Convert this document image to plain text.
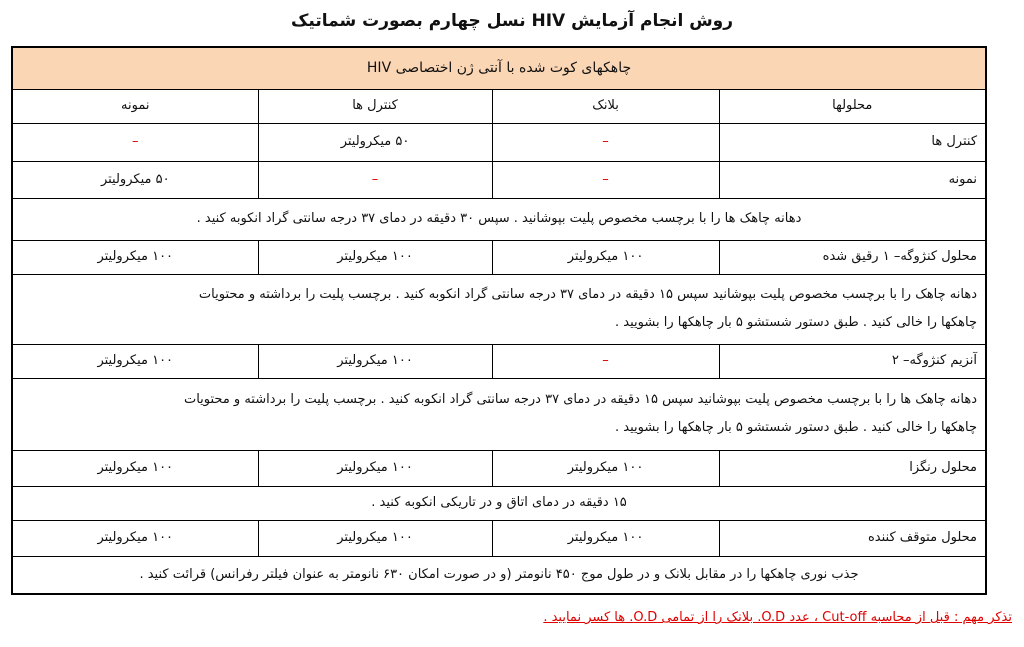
روش انجام آزمایش HIV نسل چهارم بصورت شماتیک
چاهکهای کوت شده با آنتی ژن اختصاصی HIV			
محلولها	بلانک	کنترل ها	نمونه
کنترل ها	–	۵۰ میکرولیتر	–
نمونه	–	–	۵۰ میکرولیتر
دهانه چاهک ها را با برچسب مخصوص پلیت بپوشانید . سپس ۳۰ دقیقه در دمای ۳۷ درجه سانتی گراد انکوبه کنید .			
محلول کنژوگه– ۱ رقیق شده	۱۰۰ میکرولیتر	۱۰۰ میکرولیتر	۱۰۰ میکرولیتر

دهانه چاهک را با برچسب مخصوص پلیت بپوشانید سپس ۱۵ دقیقه در دمای ۳۷ درجه سانتی گراد انکوبه کنید . برچسب پلیت را برداشته و محتویات
چاهکها را خالی کنید . طبق دستور شستشو ۵ بار چاهکها را بشویید .			

آنزیم کنژوگه– ۲	–	۱۰۰ میکرولیتر	۱۰۰ میکرولیتر

دهانه چاهک ها را با برچسب مخصوص پلیت بپوشانید سپس ۱۵ دقیقه در دمای ۳۷ درجه سانتی گراد انکوبه کنید . برچسب پلیت را برداشته و محتویات
چاهکها را خالی کنید . طبق دستور شستشو ۵ بار چاهکها را بشویید .			

محلول رنگزا	۱۰۰ میکرولیتر	۱۰۰ میکرولیتر	۱۰۰ میکرولیتر
۱۵ دقیقه در دمای اتاق و در تاریکی انکوبه کنید .			
محلول متوقف کننده	۱۰۰ میکرولیتر	۱۰۰ میکرولیتر	۱۰۰ میکرولیتر
جذب نوری چاهکها را در مقابل بلانک و در طول موج ۴۵۰ نانومتر (و در صورت امکان ۶۳۰ نانومتر به عنوان فیلتر رفرانس) قرائت کنید .			
تذکر مهم : قبل از محاسبه Cut-off ، عدد O.D. بلانک را از تمامی O.D. ها کسر نمایید .
